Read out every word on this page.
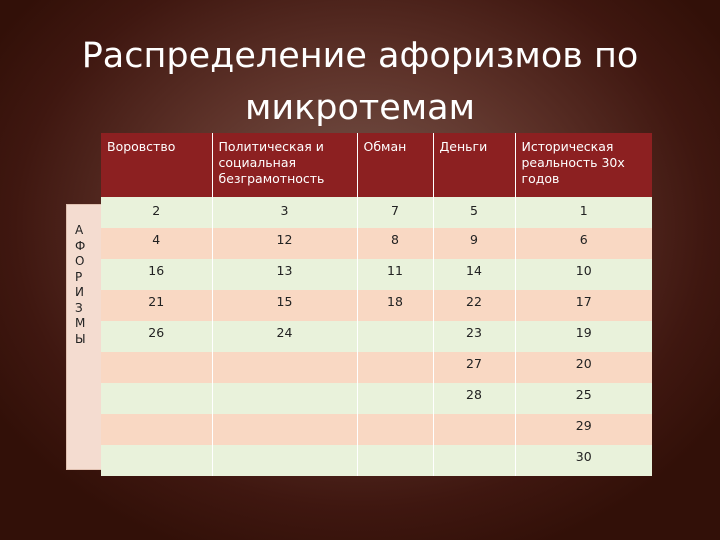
Распределение афоризмов по микротемам
А
Ф
О
Р
И
З
М
Ы
Воровство	Политическая и социальная безграмотность	Обман	Деньги	Историческая реальность 30х годов
2	3	7	5	1
4	12	8	9	6
16	13	11	14	10
21	15	18	22	17
26	24		23	19
			27	20
			28	25
				29
				30
